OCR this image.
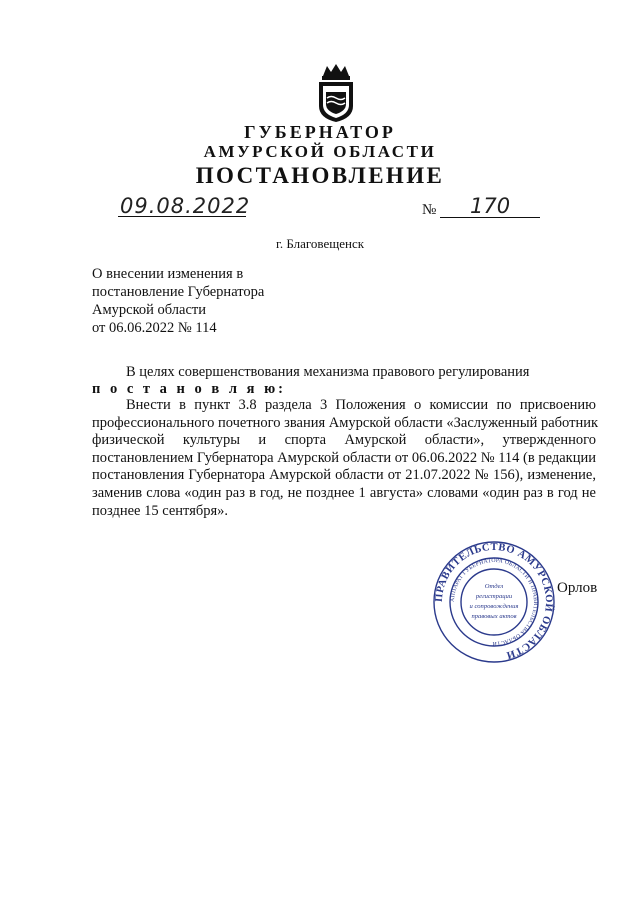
ГУБЕРНАТОР
АМУРСКОЙ ОБЛАСТИ
ПОСТАНОВЛЕНИЕ
09.08.2022	№ 170
г. Благовещенск
О внесении изменения в
постановление Губернатора
Амурской области
от 06.06.2022 № 114
В целях совершенствования механизма правового регулирования
п о с т а н о в л я ю:
Внести в пункт 3.8 раздела 3 Положения о комиссии по присвоению
профессионального почетного звания Амурской области «Заслуженный работник
физической культуры и спорта Амурской области», утвержденного
постановлением Губернатора Амурской области от 06.06.2022 № 114 (в редакции
постановления Губернатора Амурской области от 21.07.2022 № 156), изменение,
заменив слова «один раз в год, не позднее 1 августа» словами «один раз в год не
позднее 15 сентября».
ПРАВИТЕЛЬСТВО АМУРСКОЙ ОБЛАСТИ
АППАРАТ ГУБЕРНАТОРА ОБЛАСТИ И ПРАВИТЕЛЬСТВА ОБЛАСТИ
Отдел
регистрации
и сопровождения
правовых актов
Орлов
